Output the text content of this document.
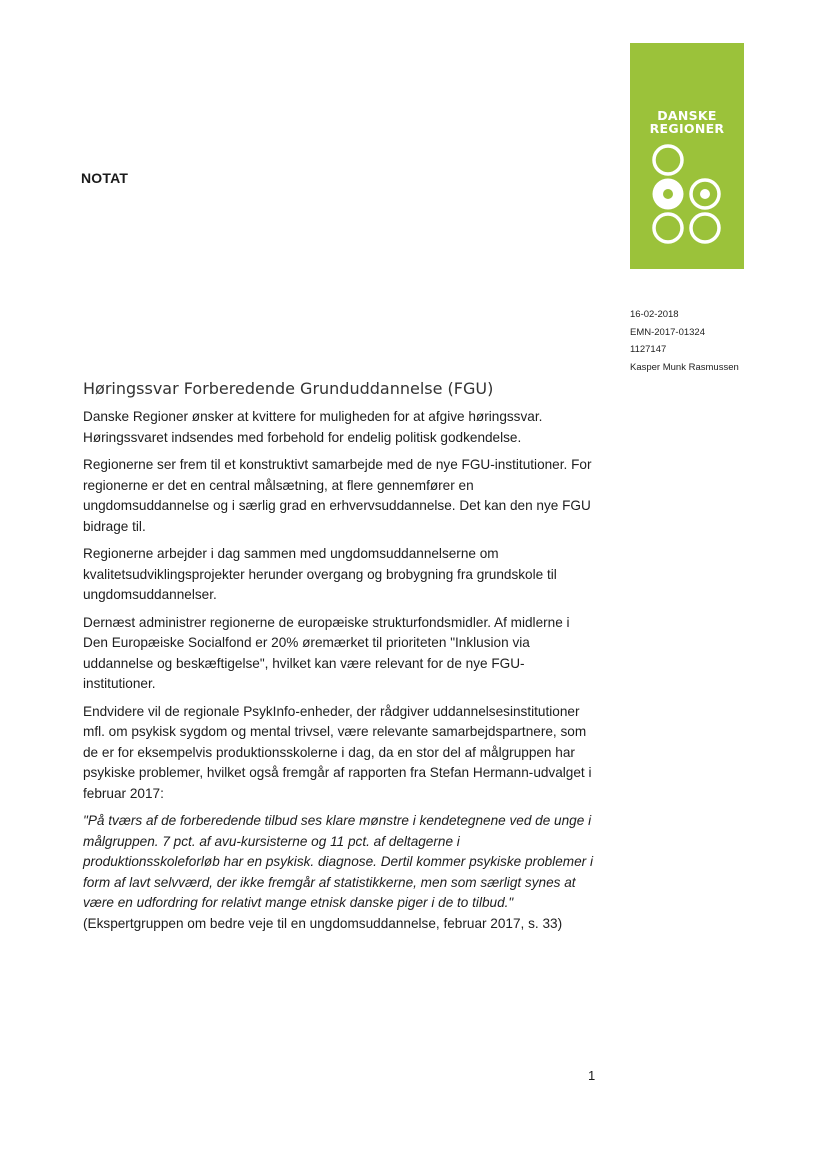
NOTAT
DANSKE
REGIONER
16-02-2018
EMN-2017-01324
1127147
Kasper Munk Rasmussen
Høringssvar Forberedende Grunduddannelse (FGU)

Danske Regioner ønsker at kvittere for muligheden for at afgive høringssvar. Høringssvaret indsendes med forbehold for endelig politisk godkendelse.

Regionerne ser frem til et konstruktivt samarbejde med de nye FGU-institutioner. For regionerne er det en central målsætning, at flere gennemfører en ungdomsuddannelse og i særlig grad en erhvervsuddannelse. Det kan den nye FGU bidrage til.

Regionerne arbejder i dag sammen med ungdomsuddannelserne om kvalitetsudviklingsprojekter herunder overgang og brobygning fra grundskole til ungdomsuddannelser.

Dernæst administrer regionerne de europæiske strukturfondsmidler. Af midlerne i Den Europæiske Socialfond er 20% øremærket til prioriteten "Inklusion via uddannelse og beskæftigelse", hvilket kan være relevant for de nye FGU-institutioner.

Endvidere vil de regionale PsykInfo-enheder, der rådgiver uddannelsesinstitutioner mfl. om psykisk sygdom og mental trivsel, være relevante samarbejdspartnere, som de er for eksempelvis produktionsskolerne i dag, da en stor del af målgruppen har psykiske problemer, hvilket også fremgår af rapporten fra Stefan Hermann-udvalget i februar 2017:

"På tværs af de forberedende tilbud ses klare mønstre i kendetegnene ved de unge i målgruppen. 7 pct. af avu-kursisterne og 11 pct. af deltagerne i produktionsskoleforløb har en psykisk. diagnose. Dertil kommer psykiske problemer i form af lavt selvværd, der ikke fremgår af statistikkerne, men som særligt synes at være en udfordring for relativt mange etnisk danske piger i de to tilbud." (Ekspertgruppen om bedre veje til en ungdomsuddannelse, februar 2017, s. 33)

1
